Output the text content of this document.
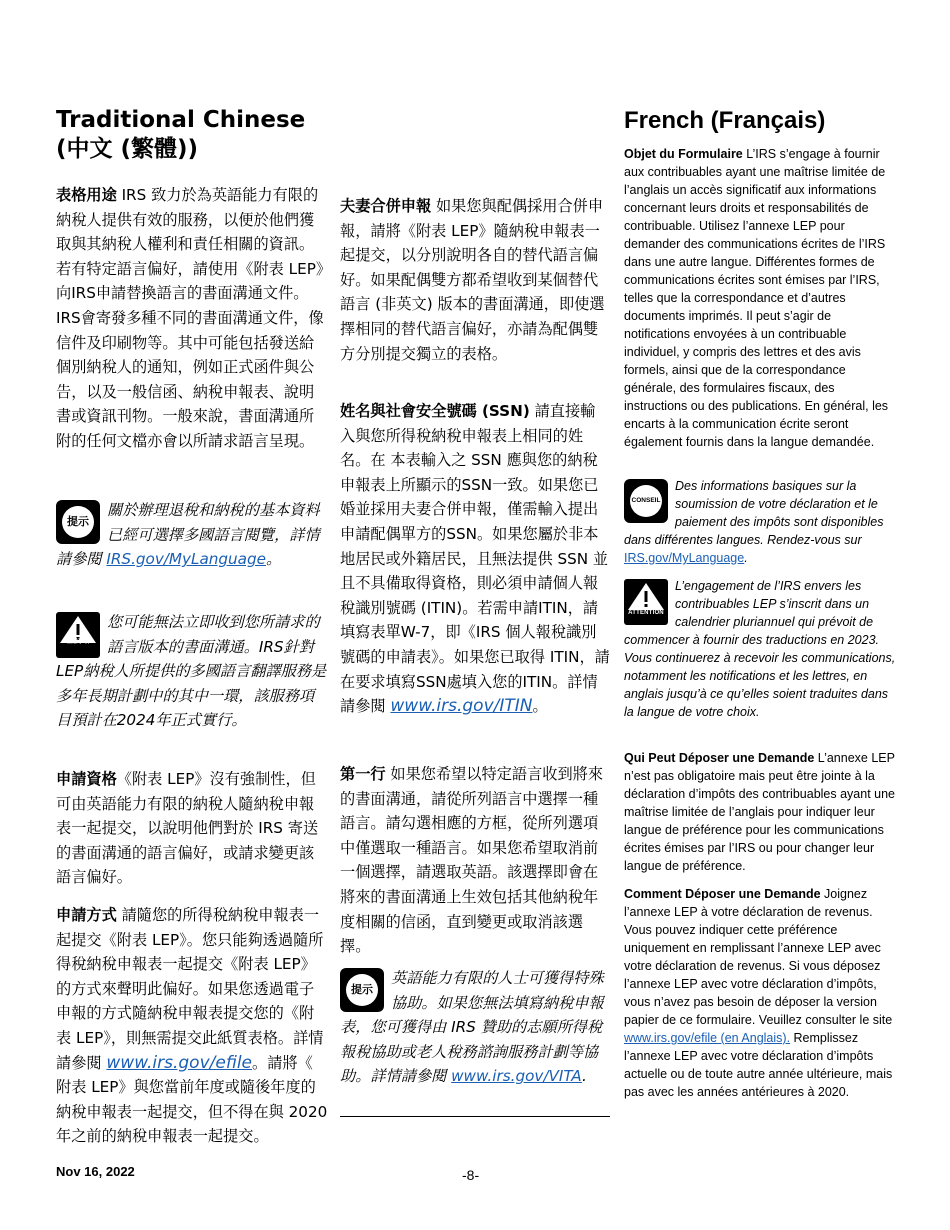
Traditional Chinese (中文 (繁體))

表格用途 IRS 致力於為英語能力有限的納稅人提供有效的服務，以便於他們獲取與其納稅人權利和責任相關的資訊。若有特定語言偏好，請使用《附表 LEP》向IRS申請替換語言的書面溝通文件。IRS會寄發多種不同的書面溝通文件，像信件及印刷物等。其中可能包括發送給個別納稅人的通知，例如正式函件與公告，以及一般信函、納稅申報表、說明書或資訊刊物。一般來說，書面溝通所附的任何文檔亦會以所請求語言呈現。

提示
關於辦理退稅和納稅的基本資料已經可選擇多國語言閱覽，詳情請參閱 IRS.gov/MyLanguage。
注意事項
您可能無法立即收到您所請求的語言版本的書面溝通。IRS針對LEP納稅人所提供的多國語言翻譯服務是多年長期計劃中的其中一環，該服務項目預計在2024年正式實行。

申請資格《附表 LEP》沒有強制性，但可由英語能力有限的納稅人隨納稅申報表一起提交，以說明他們對於 IRS 寄送的書面溝通的語言偏好，或請求變更該語言偏好。

申請方式 請隨您的所得稅納稅申報表一起提交《附表 LEP》。您只能夠透過隨所得稅納稅申報表一起提交《附表 LEP》的方式來聲明此偏好。如果您透過電子申報的方式隨納稅申報表提交您的《附表 LEP》，則無需提交此紙質表格。詳情請參閱 www.irs.gov/efile。請將《 附表 LEP》與您當前年度或隨後年度的納稅申報表一起提交，但不得在與 2020 年之前的納稅申報表一起提交。

夫妻合併申報 如果您與配偶採用合併申報，請將《附表 LEP》隨納稅申報表一起提交，以分別說明各自的替代語言偏好。如果配偶雙方都希望收到某個替代語言 (非英文) 版本的書面溝通，即使選擇相同的替代語言偏好，亦請為配偶雙方分別提交獨立的表格。

姓名與社會安全號碼 (SSN) 請直接輸入與您所得稅納稅申報表上相同的姓名。在 本表輸入之 SSN 應與您的納稅申報表上所顯示的SSN一致。如果您已婚並採用夫妻合併申報，僅需輸入提出申請配偶單方的SSN。如果您屬於非本地居民或外籍居民，且無法提供 SSN 並且不具備取得資格，則必須申請個人報稅識別號碼 (ITIN)。若需申請ITIN，請填寫表單W-7，即《IRS 個人報稅識別號碼的申請表》。如果您已取得 ITIN，請在要求填寫SSN處填入您的ITIN。詳情請參閱 www.irs.gov/ITIN。

第一行 如果您希望以特定語言收到將來的書面溝通，請從所列語言中選擇一種語言。請勾選相應的方框，從所列選項中僅選取一種語言。如果您希望取消前一個選擇，請選取英語。該選擇即會在將來的書面溝通上生效包括其他納稅年度相關的信函，直到變更或取消該選擇。

提示
英語能力有限的人士可獲得特殊協助。如果您無法填寫納稅申報表，您可獲得由 IRS 贊助的志願所得稅報稅協助或老人稅務諮詢服務計劃等協助。詳情請參閱 www.irs.gov/VITA.
French (Français)

Objet du Formulaire L’IRS s’engage à fournir aux contribuables ayant une maîtrise limitée de l’anglais un accès significatif aux informations concernant leurs droits et responsabilités de contribuable. Utilisez l’annexe LEP pour demander des communications écrites de l’IRS dans une autre langue. Différentes formes de communications écrites sont émises par l’IRS, telles que la correspondance et d’autres documents imprimés. Il peut s’agir de notifications envoyées à un contribuable individuel, y compris des lettres et des avis formels, ainsi que de la correspondance générale, des formulaires fiscaux, des instructions ou des publications. En général, les encarts à la communication écrite seront également fournis dans la langue demandée.

CONSEIL
Des informations basiques sur la soumission de votre déclaration et le paiement des impôts sont disponibles dans différentes langues. Rendez-vous sur IRS.gov/MyLanguage.
ATTENTION
L’engagement de l’IRS envers les contribuables LEP s’inscrit dans un calendrier pluriannuel qui prévoit de commencer à fournir des traductions en 2023. Vous continuerez à recevoir les communications, notamment les notifications et les lettres, en anglais jusqu’à ce qu’elles soient traduites dans la langue de votre choix.

Qui Peut Déposer une Demande L’annexe LEP n’est pas obligatoire mais peut être jointe à la déclaration d’impôts des contribuables ayant une maîtrise limitée de l’anglais pour indiquer leur langue de préférence pour les communications écrites émises par l’IRS ou pour changer leur langue de préférence.

Comment Déposer une Demande Joignez l’annexe LEP à votre déclaration de revenus. Vous pouvez indiquer cette préférence uniquement en remplissant l’annexe LEP avec votre déclaration de revenus. Si vous déposez l’annexe LEP avec votre déclaration d’impôts, vous n’avez pas besoin de déposer la version papier de ce formulaire. Veuillez consulter le site www.irs.gov/efile (en Anglais). Remplissez l’annexe LEP avec votre déclaration d’impôts actuelle ou de toute autre année ultérieure, mais pas avec les années antérieures à 2020.

Nov 16, 2022	-8-
